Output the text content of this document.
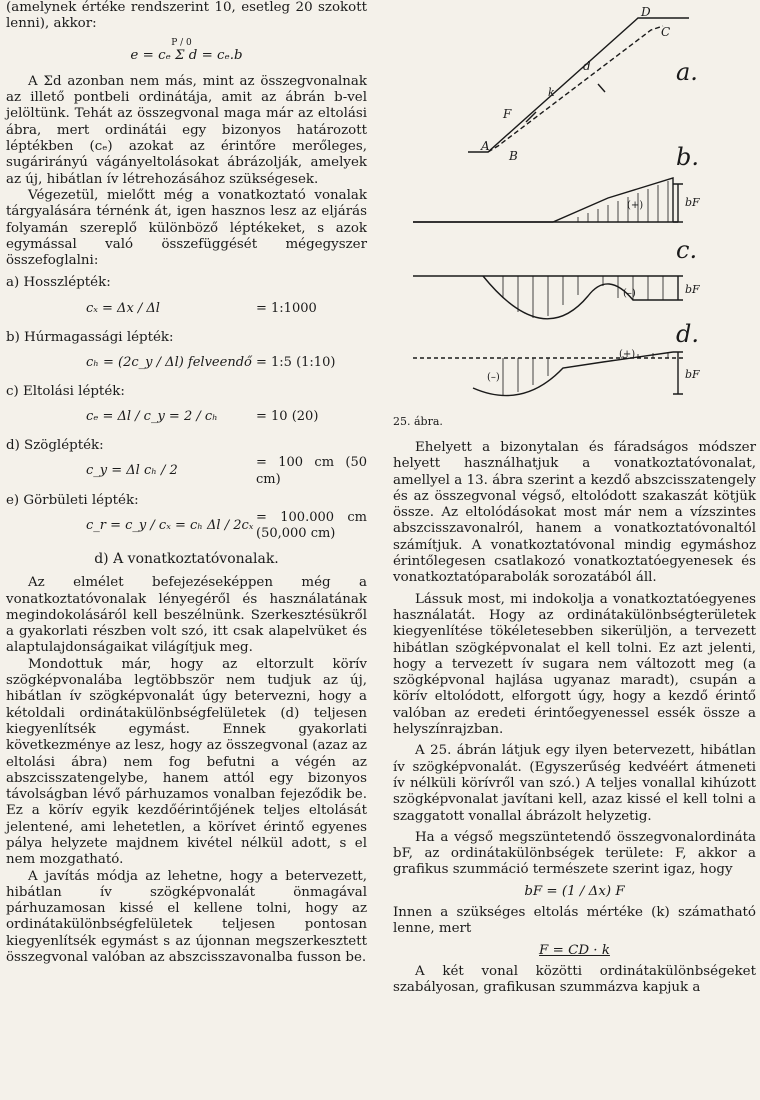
(amelynek értéke rendszerint 10, esetleg 20 szokott lenni), akkor:

P / 0
e = cₑ Σ d = cₑ.b

A Σd azonban nem más, mint az összegvonalnak az illető pontbeli ordinátája, amit az ábrán b-vel jelöltünk. Tehát az összegvonal maga már az eltolási ábra, mert ordinátái egy bizonyos határozott léptékben (cₑ) azokat az érintőre merőleges, sugárirányú vágányeltolásokat ábrázolják, amelyek az új, hibátlan ív létrehozásához szükségesek.

Végezetül, mielőtt még a vonatkoztató vonalak tárgyalására térnénk át, igen hasznos lesz az eljárás folyamán szereplő különböző léptékeket, s azok egymással való összefüggését mégegyszer összefoglalni:

a) Hosszlépték:
cₓ = Δx / Δl	= 1:1000
b) Húrmagassági lépték:
cₕ = (2c_y / Δl) felveendő = 1:5 (1:10)
c) Eltolási lépték:
cₑ = Δl / c_y = 2 / cₕ	= 10 (20)
d) Szöglépték:
c_y = Δl cₕ / 2
= 100 cm (50 cm)
e) Görbületi lépték:
c_r = c_y / cₓ = cₕ Δl / 2cₓ
= 100.000 cm (50,000 cm)
d) A vonatkoztatóvonalak.

Az elmélet befejezéseképpen még a vonatkoztatóvonalak lényegéről és használatának megindokolásáról kell beszélnünk. Szerkesztésükről a gyakorlati részben volt szó, itt csak alapelvüket és alaptulajdonságaikat világítjuk meg.

Mondottuk már, hogy az eltorzult körív szögképvonalába legtöbbször nem tudjuk az új, hibátlan ív szögképvonalát úgy betervezni, hogy a kétoldali ordinátakülönbségfelületek (d) teljesen kiegyenlítsék egymást. Ennek gyakorlati következménye az lesz, hogy az összegvonal (azaz az eltolási ábra) nem fog befutni a végén az abszcisszatengelybe, hanem attól egy bizonyos távolságban lévő párhuzamos vonalban fejeződik be. Ez a körív egyik kezdőérintőjének teljes eltolását jelentené, ami lehetetlen, a körívet érintő egyenes pálya helyzete majdnem kivétel nélkül adott, s el nem mozgatható.

A javítás módja az lehetne, hogy a betervezett, hibátlan ív szögképvonalát önmagával párhuzamosan kissé el kellene tolni, hogy az ordinátakülönbségfelületek teljesen pontosan kiegyenlítsék egymást s az újonnan megszerkesztett összegvonal valóban az abszcisszavonalba fusson be.

a.
b.
c.
d.
A
B
C
D
F
k
d
bF
bF
bF
(+)
(–)
(+)
(–)
25. ábra.

Ehelyett a bizonytalan és fáradságos módszer helyett használhatjuk a vonatkoztatóvonalat, amellyel a 13. ábra szerint a kezdő abszcisszatengely és az összegvonal végső, eltolódott szakaszát kötjük össze. Az eltolódásokat most már nem a vízszintes abszcisszavonalról, hanem a vonatkoztatóvonaltól számítjuk. A vonatkoztatóvonal mindig egymáshoz érintőlegesen csatlakozó vonatkoztatóegyenesek és vonatkoztatóparabolák sorozatából áll.

Lássuk most, mi indokolja a vonatkoztatóegyenes használatát. Hogy az ordinátakülönbségterületek kiegyenlítése tökéletesebben sikerüljön, a tervezett hibátlan szögképvonalat el kell tolni. Ez azt jelenti, hogy a tervezett ív sugara nem változott meg (a szögképvonal hajlása ugyanaz maradt), csupán a körív eltolódott, elforgott úgy, hogy a kezdő érintő valóban az eredeti érintőegyenessel essék össze a helyszínrajzban.

A 25. ábrán látjuk egy ilyen betervezett, hibátlan ív szögképvonalát. (Egyszerűség kedvéért átmeneti ív nélküli körívről van szó.) A teljes vonallal kihúzott szögképvonalat javítani kell, azaz kissé el kell tolni a szaggatott vonallal ábrázolt helyzetig.

Ha a végső megszüntetendő összegvonalordináta bF, az ordinátakülönbségek területe: F, akkor a grafikus szummáció természete szerint igaz, hogy

bF = (1 / Δx) F

Innen a szükséges eltolás mértéke (k) számatható lenne, mert

F = CD · k

A két vonal közötti ordinátakülönbségeket szabályosan, grafikusan szummázva kapjuk a
